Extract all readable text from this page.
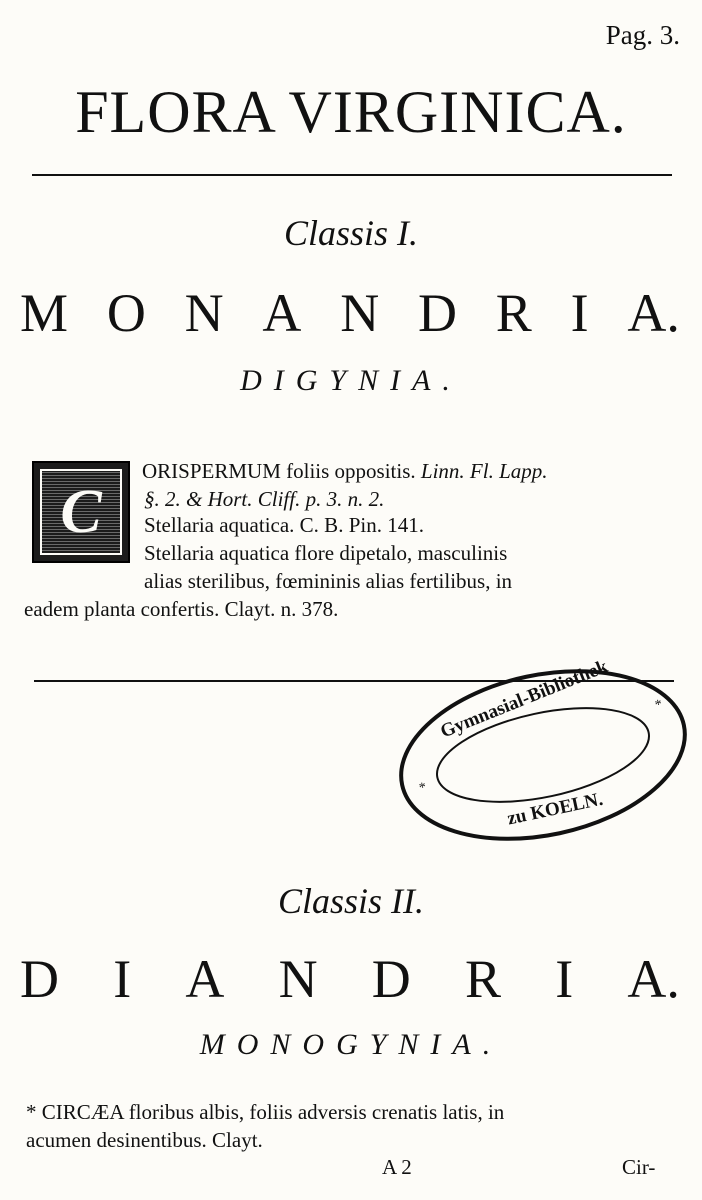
Pag. 3.
FLORA VIRGINICA.
Classis I.
M O N A N D R I A.
DIGYNIA.
C
ORISPERMUM foliis oppositis. Linn. Fl. Lapp.
§. 2. & Hort. Cliff. p. 3. n. 2.
Stellaria aquatica. C. B. Pin. 141.
Stellaria aquatica flore dipetalo, masculinis
alias sterilibus, fœmininis alias fertilibus, in
eadem planta confertis. Clayt. n. 378.
*
*
Gymnasial-Bibliothek
zu KOELN.
Classis II.
D I A N D R I A.
MONOGYNIA.
* CIRCÆA floribus albis, foliis adversis crenatis latis, in
acumen desinentibus. Clayt.
A 2	Cir-
